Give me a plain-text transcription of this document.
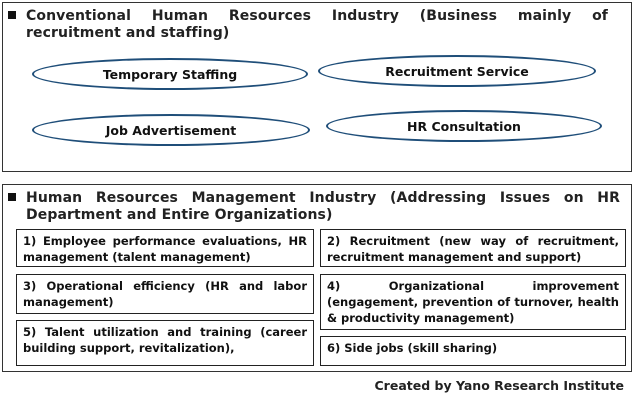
Conventional Human Resources Industry (Business mainly of recruitment and staffing)
Temporary Staffing	Recruitment Service
Job Advertisement	HR Consultation
Human Resources Management Industry (Addressing Issues on HR Department and Entire Organizations)
1) Employee performance evaluations, HR management (talent management)
2) Recruitment (new way of recruitment, recruitment management and support)
3) Operational efficiency (HR and labor management)
4) Organizational improvement (engagement, prevention of turnover, health & productivity management)
5) Talent utilization and training (career building support, revitalization),	6) Side jobs (skill sharing)
Created by Yano Research Institute
